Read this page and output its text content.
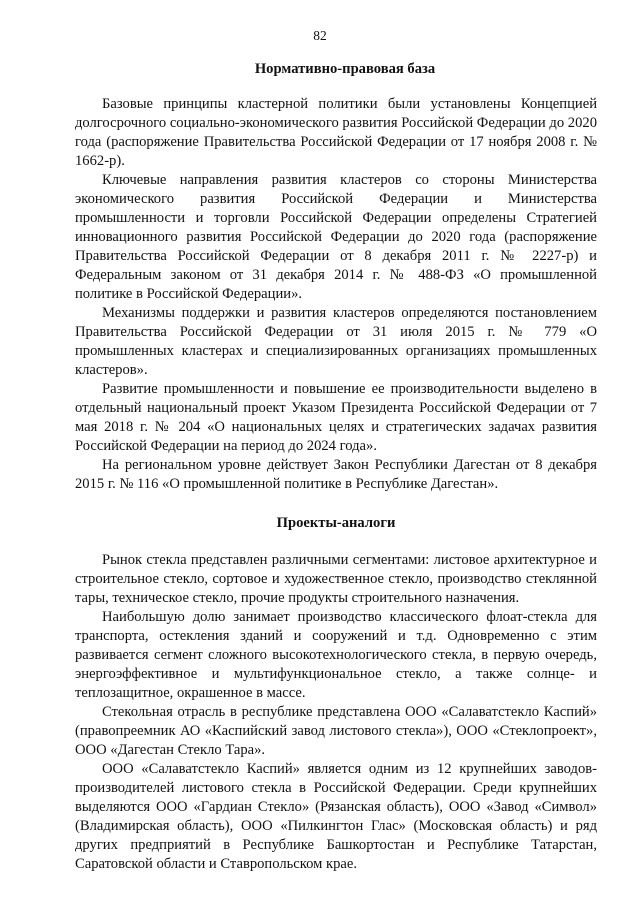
82
Нормативно-правовая база

Базовые принципы кластерной политики были установлены Концепцией долгосрочного социально-экономического развития Российской Федерации до 2020 года (распоряжение Правительства Российской Федерации от 17 ноября 2008 г. № 1662-р).

Ключевые направления развития кластеров со стороны Министерства экономического развития Российской Федерации и Министерства промышленности и торговли Российской Федерации определены Стратегией инновационного развития Российской Федерации до 2020 года (распоряжение Правительства Российской Федерации от 8 декабря 2011 г. № 2227-р) и Федеральным законом от 31 декабря 2014 г. № 488-ФЗ «О промышленной политике в Российской Федерации».

Механизмы поддержки и развития кластеров определяются постановлением Правительства Российской Федерации от 31 июля 2015 г. № 779 «О промышленных кластерах и специализированных организациях промышленных кластеров».

Развитие промышленности и повышение ее производительности выделено в отдельный национальный проект Указом Президента Российской Федерации от 7 мая 2018 г. № 204 «О национальных целях и стратегических задачах развития Российской Федерации на период до 2024 года».

На региональном уровне действует Закон Республики Дагестан от 8 декабря 2015 г. № 116 «О промышленной политике в Республике Дагестан».

Проекты-аналоги

Рынок стекла представлен различными сегментами: листовое архитектурное и строительное стекло, сортовое и художественное стекло, производство стеклянной тары, техническое стекло, прочие продукты строительного назначения.

Наибольшую долю занимает производство классического флоат-стекла для транспорта, остекления зданий и сооружений и т.д. Одновременно с этим развивается сегмент сложного высокотехнологического стекла, в первую очередь, энергоэффективное и мультифункциональное стекло, а также солнце- и теплозащитное, окрашенное в массе.

Стекольная отрасль в республике представлена ООО «Салаватстекло Каспий» (правопреемник АО «Каспийский завод листового стекла»), ООО «Стеклопроект», ООО «Дагестан Стекло Тара».

ООО «Салаватстекло Каспий» является одним из 12 крупнейших заводов-производителей листового стекла в Российской Федерации. Среди крупнейших выделяются ООО «Гардиан Стекло» (Рязанская область), ООО «Завод «Символ» (Владимирская область), ООО «Пилкингтон Глас» (Московская область) и ряд других предприятий в Республике Башкортостан и Республике Татарстан, Саратовской области и Ставропольском крае.
